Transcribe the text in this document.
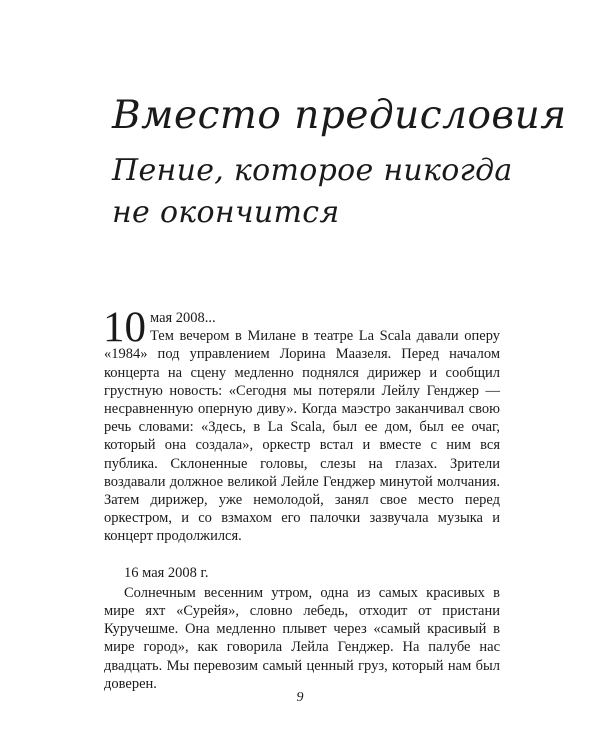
Вместо предисловия
Пение, которое никогда
не окончится
10 мая 2008...
Тем вечером в Милане в театре La Scala давали оперу «1984» под управлением Лорина Маазеля. Перед началом концерта на сцену медленно поднялся дирижер и сообщил грустную новость: «Сегодня мы потеряли Лейлу Генджер — несравненную оперную диву». Когда маэстро заканчивал свою речь словами: «Здесь, в La Scala, был ее дом, был ее очаг, который она создала», оркестр встал и вместе с ним вся публика. Склоненные головы, слезы на глазах. Зрители воздавали должное великой Лейле Генджер минутой молчания. Затем дирижер, уже немолодой, занял свое место перед оркестром, и со взмахом его палочки зазвучала музыка и концерт продолжился.
16 мая 2008 г.

Солнечным весенним утром, одна из самых красивых в мире яхт «Сурейя», словно лебедь, отходит от пристани Куручешме. Она медленно плывет через «самый красивый в мире город», как говорила Лейла Генджер. На палубе нас двадцать. Мы перевозим самый ценный груз, который нам был доверен.

9
